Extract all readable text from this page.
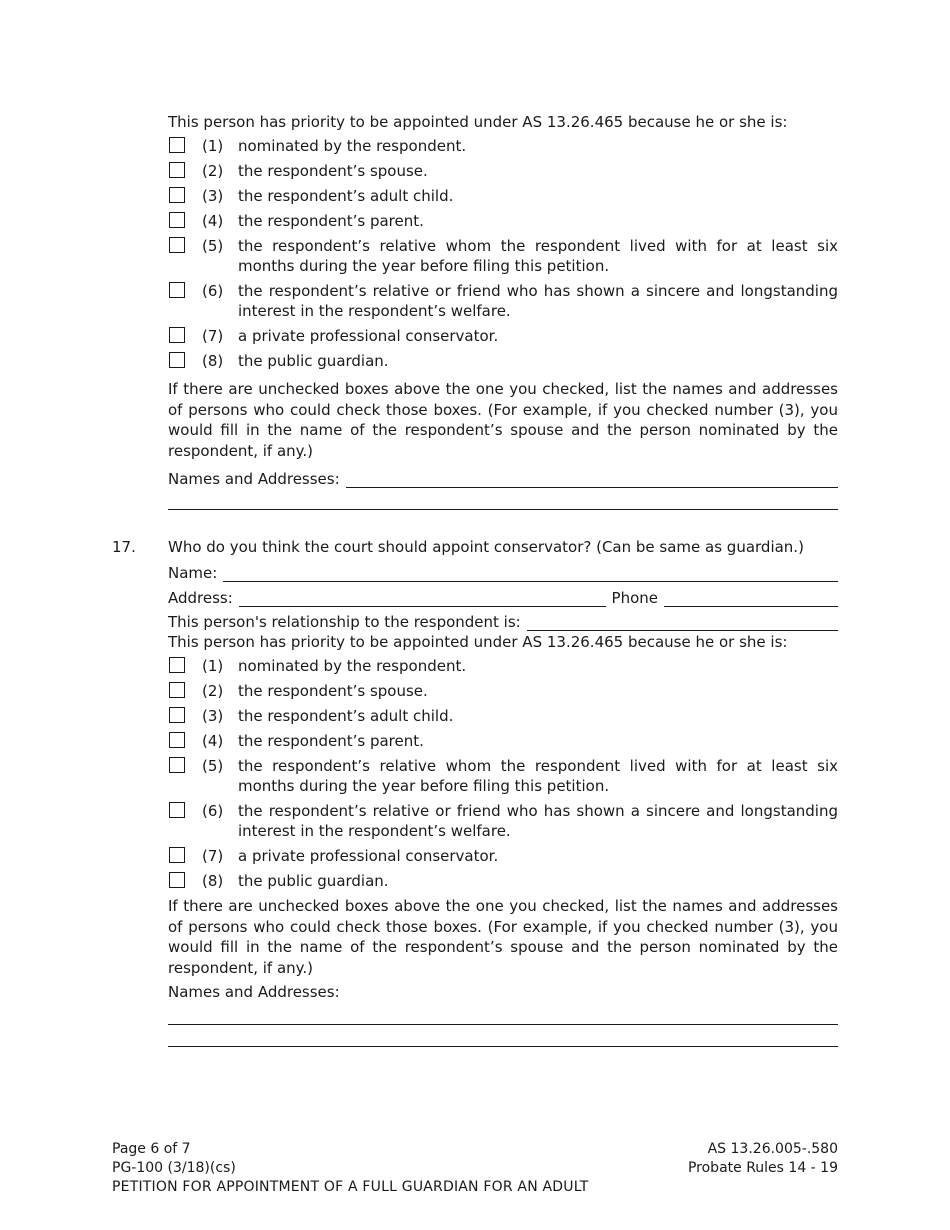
This person has priority to be appointed under AS 13.26.465 because he or she is:
(1) nominated by the respondent.
(2) the respondent’s spouse.
(3) the respondent’s adult child.
(4) the respondent’s parent.
(5) the respondent’s relative whom the respondent lived with for at least six months during the year before filing this petition.
(6) the respondent’s relative or friend who has shown a sincere and longstanding interest in the respondent’s welfare.
(7) a private professional conservator.
(8) the public guardian.
If there are unchecked boxes above the one you checked, list the names and addresses of persons who could check those boxes. (For example, if you checked number (3), you would fill in the name of the respondent’s spouse and the person nominated by the respondent, if any.)
Names and Addresses:
17. Who do you think the court should appoint conservator? (Can be same as guardian.)
Name:
Address:	Phone
This person's relationship to the respondent is:
This person has priority to be appointed under AS 13.26.465 because he or she is:
(1) nominated by the respondent.
(2) the respondent’s spouse.
(3) the respondent’s adult child.
(4) the respondent’s parent.
(5) the respondent’s relative whom the respondent lived with for at least six months during the year before filing this petition.
(6) the respondent’s relative or friend who has shown a sincere and longstanding interest in the respondent’s welfare.
(7) a private professional conservator.
(8) the public guardian.
If there are unchecked boxes above the one you checked, list the names and addresses of persons who could check those boxes. (For example, if you checked number (3), you would fill in the name of the respondent’s spouse and the person nominated by the respondent, if any.)
Names and Addresses:
Page 6 of 7
PG-100 (3/18)(cs)
PETITION FOR APPOINTMENT OF A FULL GUARDIAN FOR AN ADULT
AS 13.26.005-.580
Probate Rules 14 - 19
